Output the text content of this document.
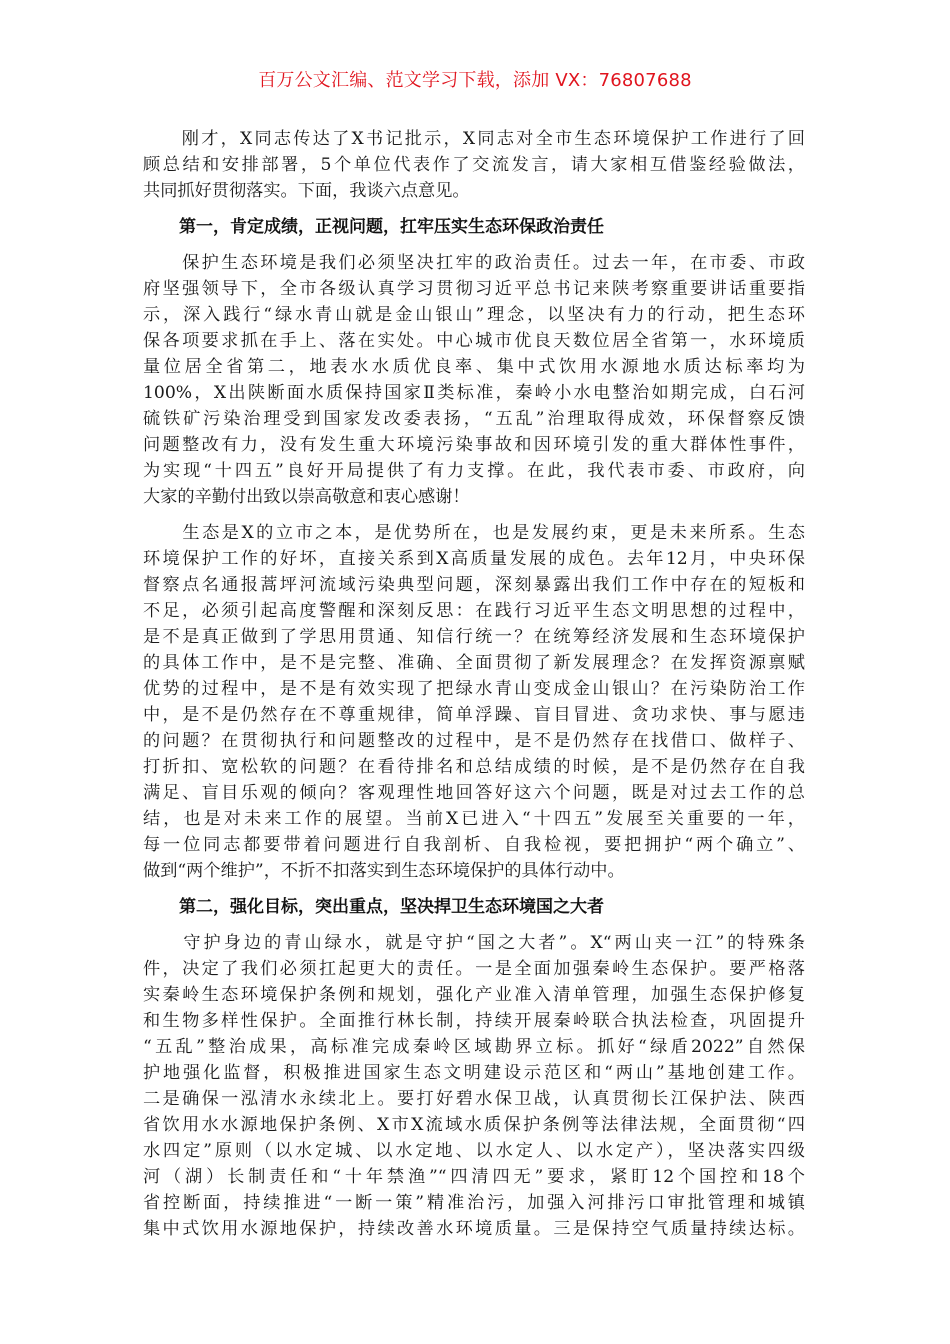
百万公文汇编、范文学习下载，添加 VX：76807688
　　刚才，X同志传达了X书记批示，X同志对全市生态环境保护工作进行了回
顾总结和安排部署，5个单位代表作了交流发言，请大家相互借鉴经验做法，
共同抓好贯彻落实。下面，我谈六点意见。
第一，肯定成绩，正视问题，扛牢压实生态环保政治责任
　　保护生态环境是我们必须坚决扛牢的政治责任。过去一年，在市委、市政
府坚强领导下，全市各级认真学习贯彻习近平总书记来陕考察重要讲话重要指
示，深入践行“绿水青山就是金山银山”理念，以坚决有力的行动，把生态环
保各项要求抓在手上、落在实处。中心城市优良天数位居全省第一，水环境质
量位居全省第二，地表水水质优良率、集中式饮用水源地水质达标率均为
100%，X出陕断面水质保持国家Ⅱ类标准，秦岭小水电整治如期完成，白石河
硫铁矿污染治理受到国家发改委表扬，“五乱”治理取得成效，环保督察反馈
问题整改有力，没有发生重大环境污染事故和因环境引发的重大群体性事件，
为实现“十四五”良好开局提供了有力支撑。在此，我代表市委、市政府，向
大家的辛勤付出致以崇高敬意和衷心感谢！
　　生态是X的立市之本，是优势所在，也是发展约束，更是未来所系。生态
环境保护工作的好坏，直接关系到X高质量发展的成色。去年12月，中央环保
督察点名通报蒿坪河流域污染典型问题，深刻暴露出我们工作中存在的短板和
不足，必须引起高度警醒和深刻反思：在践行习近平生态文明思想的过程中，
是不是真正做到了学思用贯通、知信行统一？在统筹经济发展和生态环境保护
的具体工作中，是不是完整、准确、全面贯彻了新发展理念？在发挥资源禀赋
优势的过程中，是不是有效实现了把绿水青山变成金山银山？在污染防治工作
中，是不是仍然存在不尊重规律，简单浮躁、盲目冒进、贪功求快、事与愿违
的问题？在贯彻执行和问题整改的过程中，是不是仍然存在找借口、做样子、
打折扣、宽松软的问题？在看待排名和总结成绩的时候，是不是仍然存在自我
满足、盲目乐观的倾向？客观理性地回答好这六个问题，既是对过去工作的总
结，也是对未来工作的展望。当前X已进入“十四五”发展至关重要的一年，
每一位同志都要带着问题进行自我剖析、自我检视，要把拥护“两个确立”、
做到“两个维护”，不折不扣落实到生态环境保护的具体行动中。
第二，强化目标，突出重点，坚决捍卫生态环境国之大者
　　守护身边的青山绿水，就是守护“国之大者”。X“两山夹一江”的特殊条
件，决定了我们必须扛起更大的责任。一是全面加强秦岭生态保护。要严格落
实秦岭生态环境保护条例和规划，强化产业准入清单管理，加强生态保护修复
和生物多样性保护。全面推行林长制，持续开展秦岭联合执法检查，巩固提升
“五乱”整治成果，高标准完成秦岭区域勘界立标。抓好“绿盾2022”自然保
护地强化监督，积极推进国家生态文明建设示范区和“两山”基地创建工作。
二是确保一泓清水永续北上。要打好碧水保卫战，认真贯彻长江保护法、陕西
省饮用水水源地保护条例、X市X流域水质保护条例等法律法规，全面贯彻“四
水四定”原则（以水定城、以水定地、以水定人、以水定产），坚决落实四级
河（湖）长制责任和“十年禁渔”“四清四无”要求，紧盯12个国控和18个
省控断面，持续推进“一断一策”精准治污，加强入河排污口审批管理和城镇
集中式饮用水源地保护，持续改善水环境质量。三是保持空气质量持续达标。
